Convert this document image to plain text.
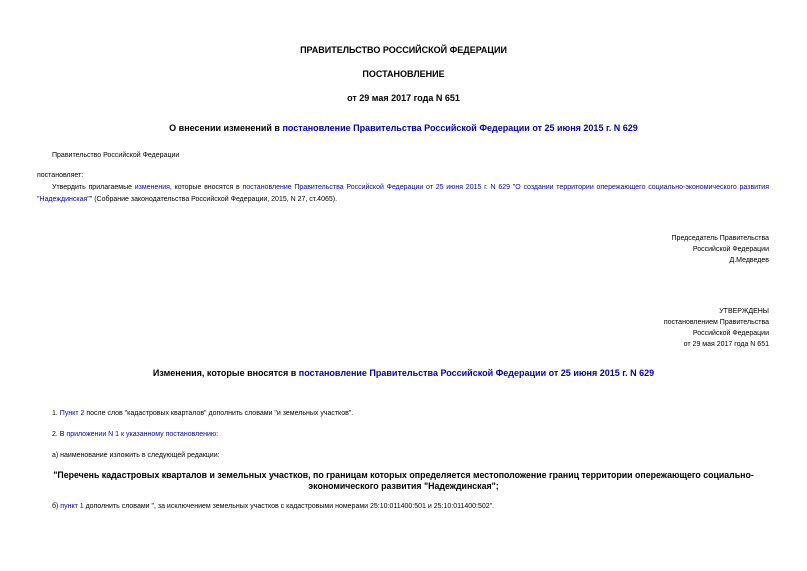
ПРАВИТЕЛЬСТВО РОССИЙСКОЙ ФЕДЕРАЦИИ
ПОСТАНОВЛЕНИЕ
от 29 мая 2017 года N 651
О внесении изменений в постановление Правительства Российской Федерации от 25 июня 2015 г. N 629
Правительство Российской Федерации
постановляет:
Утвердить прилагаемые изменения, которые вносятся в постановление Правительства Российской Федерации от 25 июня 2015 г. N 629 "О создании территории опережающего социально-экономического развития "Надеждинская"" (Собрание законодательства Российской Федерации, 2015, N 27, ст.4065).
Председатель Правительства
Российской Федерации
Д.Медведев
УТВЕРЖДЕНЫ
постановлением Правительства
Российской Федерации
от 29 мая 2017 года N 651
Изменения, которые вносятся в постановление Правительства Российской Федерации от 25 июня 2015 г. N 629
1. Пункт 2 после слов "кадастровых кварталов" дополнить словами "и земельных участков".
2. В приложении N 1 к указанному постановлению:
а) наименование изложить в следующей редакции:
"Перечень кадастровых кварталов и земельных участков, по границам которых определяется местоположение границ территории опережающего социально-
экономического развития "Надеждинская";
б) пункт 1 дополнить словами ", за исключением земельных участков с кадастровыми номерами 25:10:011400:501 и 25:10:011400:502".
